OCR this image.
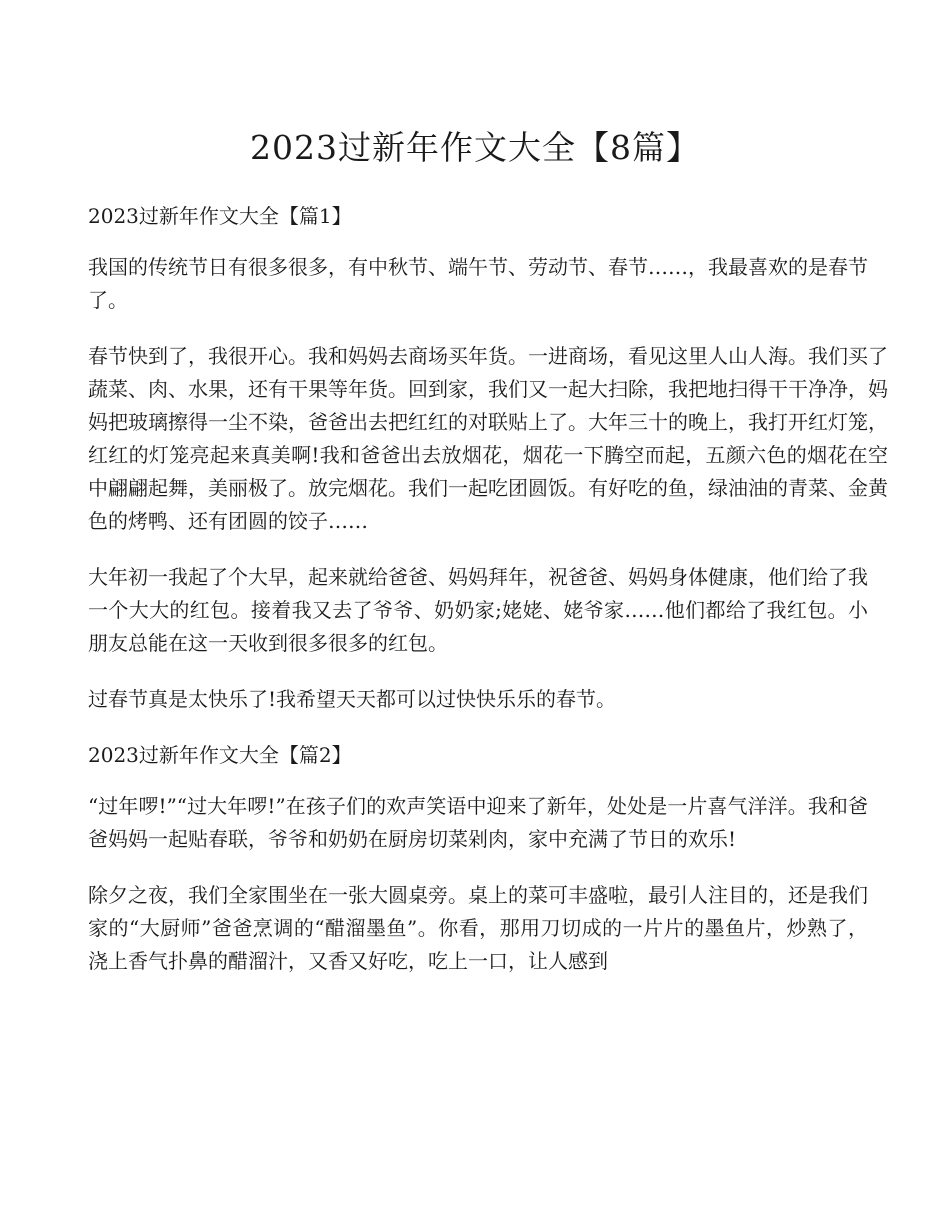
2023过新年作文大全【8篇】
2023过新年作文大全【篇1】

我国的传统节日有很多很多，有中秋节、端午节、劳动节、春节……，我最喜欢的是春节了。

春节快到了，我很开心。我和妈妈去商场买年货。一进商场，看见这里人山人海。我们买了蔬菜、肉、水果，还有干果等年货。回到家，我们又一起大扫除，我把地扫得干干净净，妈妈把玻璃擦得一尘不染，爸爸出去把红红的对联贴上了。大年三十的晚上，我打开红灯笼，红红的灯笼亮起来真美啊!我和爸爸出去放烟花，烟花一下腾空而起，五颜六色的烟花在空中翩翩起舞，美丽极了。放完烟花。我们一起吃团圆饭。有好吃的鱼，绿油油的青菜、金黄色的烤鸭、还有团圆的饺子……

大年初一我起了个大早，起来就给爸爸、妈妈拜年，祝爸爸、妈妈身体健康，他们给了我一个大大的红包。接着我又去了爷爷、奶奶家;姥姥、姥爷家……他们都给了我红包。小朋友总能在这一天收到很多很多的红包。

过春节真是太快乐了!我希望天天都可以过快快乐乐的春节。

2023过新年作文大全【篇2】

“过年啰!”“过大年啰!”在孩子们的欢声笑语中迎来了新年，处处是一片喜气洋洋。我和爸爸妈妈一起贴春联，爷爷和奶奶在厨房切菜剁肉，家中充满了节日的欢乐!

除夕之夜，我们全家围坐在一张大圆桌旁。桌上的菜可丰盛啦，最引人注目的，还是我们家的“大厨师”爸爸烹调的“醋溜墨鱼”。你看，那用刀切成的一片片的墨鱼片，炒熟了，浇上香气扑鼻的醋溜汁，又香又好吃，吃上一口，让人感到
